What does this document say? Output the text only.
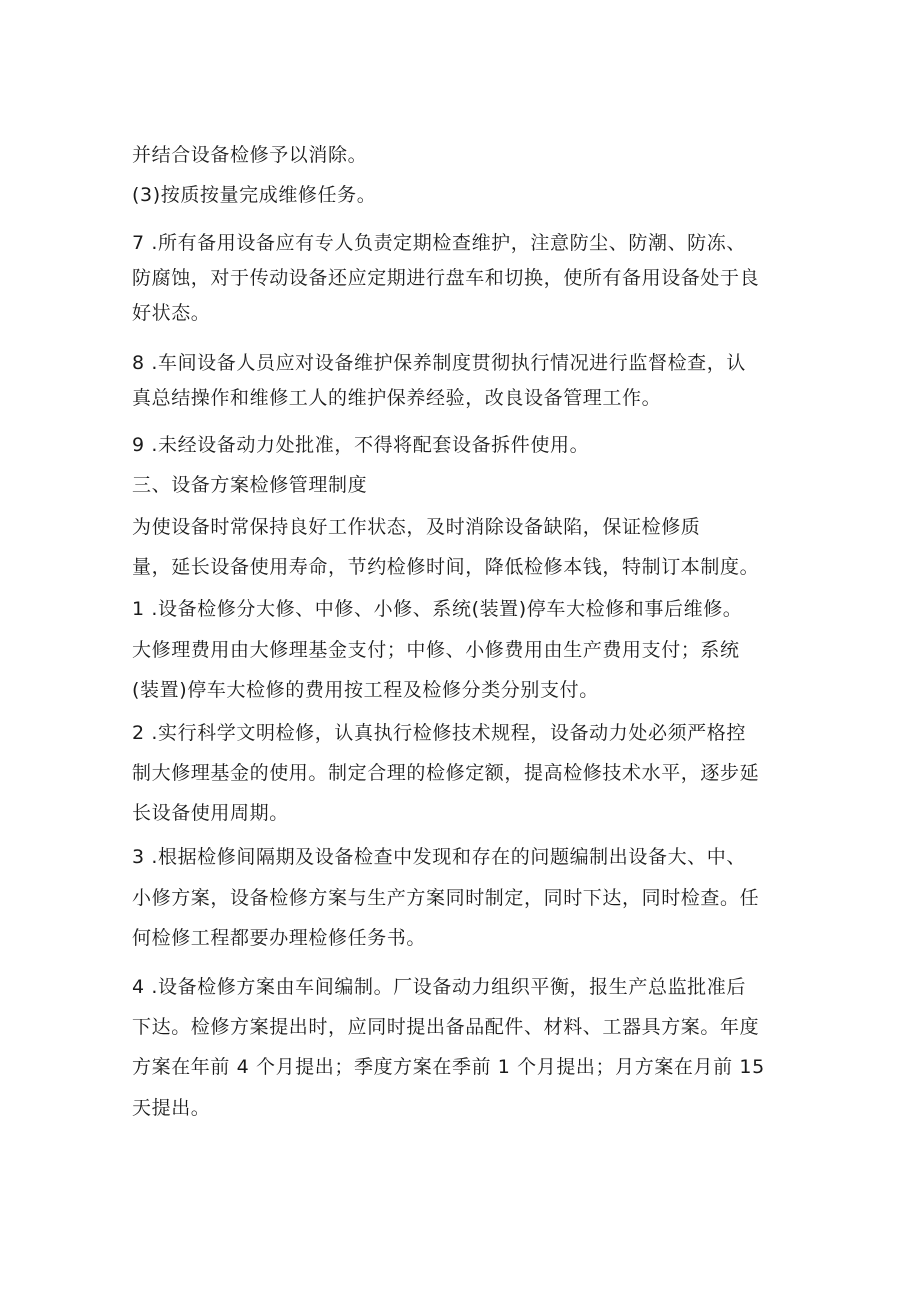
并结合设备检修予以消除。
(3)按质按量完成维修任务。
7 .所有备用设备应有专人负责定期检查维护，注意防尘、防潮、防冻、
防腐蚀，对于传动设备还应定期进行盘车和切换，使所有备用设备处于良
好状态。
8 .车间设备人员应对设备维护保养制度贯彻执行情况进行监督检查，认
真总结操作和维修工人的维护保养经验，改良设备管理工作。
9 .未经设备动力处批准，不得将配套设备拆件使用。
三、设备方案检修管理制度
为使设备时常保持良好工作状态，及时消除设备缺陷，保证检修质
量，延长设备使用寿命，节约检修时间，降低检修本钱，特制订本制度。
1 .设备检修分大修、中修、小修、系统(装置)停车大检修和事后维修。
大修理费用由大修理基金支付；中修、小修费用由生产费用支付；系统
(装置)停车大检修的费用按工程及检修分类分别支付。
2 .实行科学文明检修，认真执行检修技术规程，设备动力处必须严格控
制大修理基金的使用。制定合理的检修定额，提高检修技术水平，逐步延
长设备使用周期。
3 .根据检修间隔期及设备检查中发现和存在的问题编制出设备大、中、
小修方案，设备检修方案与生产方案同时制定，同时下达，同时检查。任
何检修工程都要办理检修任务书。
4 .设备检修方案由车间编制。厂设备动力组织平衡，报生产总监批准后
下达。检修方案提出时，应同时提出备品配件、材料、工器具方案。年度
方案在年前 4 个月提出；季度方案在季前 1 个月提出；月方案在月前 15
天提出。
